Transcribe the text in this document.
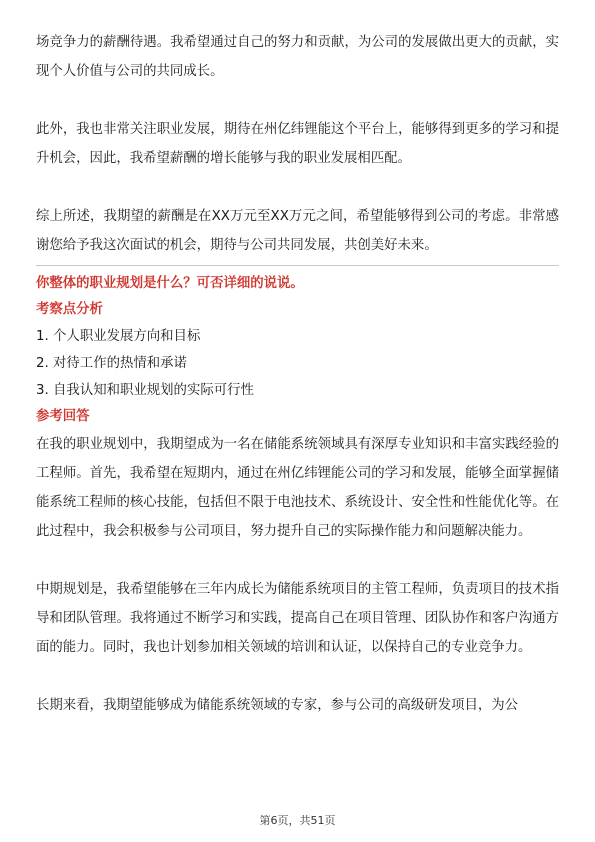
场竞争力的薪酬待遇。我希望通过自己的努力和贡献，为公司的发展做出更大的贡献，实现个人价值与公司的共同成长。

此外，我也非常关注职业发展，期待在州亿纬锂能这个平台上，能够得到更多的学习和提升机会，因此，我希望薪酬的增长能够与我的职业发展相匹配。

综上所述，我期望的薪酬是在XX万元至XX万元之间，希望能够得到公司的考虑。非常感谢您给予我这次面试的机会，期待与公司共同发展，共创美好未来。

你整体的职业规划是什么？可否详细的说说。

考察点分析

1. 个人职业发展方向和目标

2. 对待工作的热情和承诺

3. 自我认知和职业规划的实际可行性

参考回答

在我的职业规划中，我期望成为一名在储能系统领域具有深厚专业知识和丰富实践经验的工程师。首先，我希望在短期内，通过在州亿纬锂能公司的学习和发展，能够全面掌握储能系统工程师的核心技能，包括但不限于电池技术、系统设计、安全性和性能优化等。在此过程中，我会积极参与公司项目，努力提升自己的实际操作能力和问题解决能力。

中期规划是，我希望能够在三年内成长为储能系统项目的主管工程师，负责项目的技术指导和团队管理。我将通过不断学习和实践，提高自己在项目管理、团队协作和客户沟通方面的能力。同时，我也计划参加相关领域的培训和认证，以保持自己的专业竞争力。

长期来看，我期望能够成为储能系统领域的专家，参与公司的高级研发项目，为公

第6页，共51页
